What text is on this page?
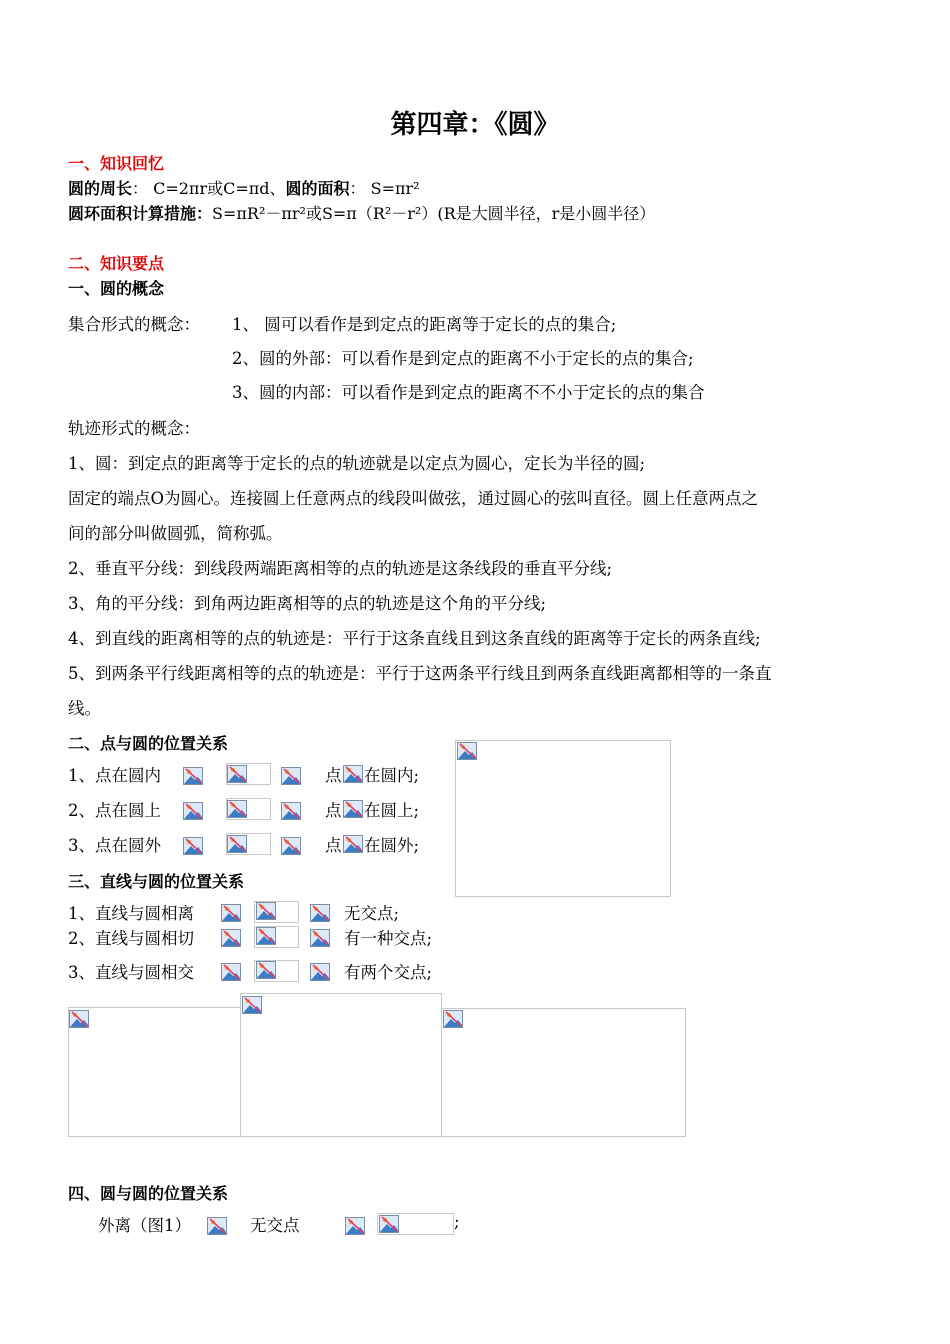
第四章：《圆》
一、知识回忆
圆的周长： C=2πr或C=πd、圆的面积： S=πr²
圆环面积计算措施：S=πR²－πr²或S=π（R²－r²）(R是大圆半径，r是小圆半径）
二、知识要点
一、圆的概念
集合形式的概念： 1、 圆可以看作是到定点的距离等于定长的点的集合;
2、圆的外部：可以看作是到定点的距离不小于定长的点的集合;
3、圆的内部：可以看作是到定点的距离不不小于定长的点的集合
轨迹形式的概念：
1、圆：到定点的距离等于定长的点的轨迹就是以定点为圆心，定长为半径的圆;
固定的端点O为圆心。连接圆上任意两点的线段叫做弦，通过圆心的弦叫直径。圆上任意两点之
间的部分叫做圆弧，简称弧。
2、垂直平分线：到线段两端距离相等的点的轨迹是这条线段的垂直平分线;
3、角的平分线：到角两边距离相等的点的轨迹是这个角的平分线;
4、到直线的距离相等的点的轨迹是：平行于这条直线且到这条直线的距离等于定长的两条直线;
5、到两条平行线距离相等的点的轨迹是：平行于这两条平行线且到两条直线距离都相等的一条直
线。
二、点与圆的位置关系
1、点在圆内
2、点在圆上
3、点在圆外
点
点
点
在圆内;
在圆上;
在圆外;
三、直线与圆的位置关系
1、直线与圆相离
2、直线与圆相切
3、直线与圆相交
无交点;
有一种交点;
有两个交点;
四、圆与圆的位置关系
外离（图1）	无交点	;
